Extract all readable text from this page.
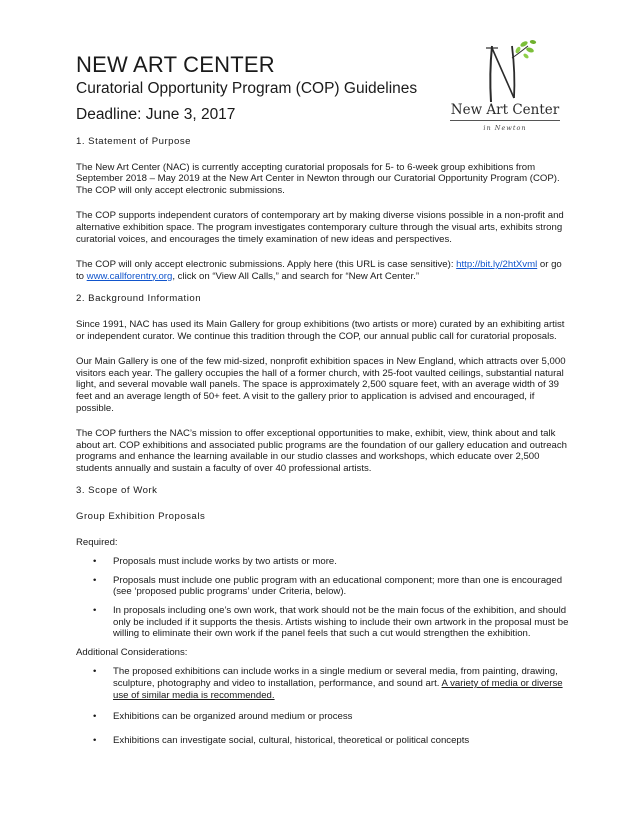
NEW ART CENTER
Curatorial Opportunity Program (COP) Guidelines
Deadline: June 3, 2017	New Art Center
in Newton
1. Statement of Purpose

The New Art Center (NAC) is currently accepting curatorial proposals for 5- to 6-week group exhibitions from September 2018 – May 2019 at the New Art Center in Newton through our Curatorial Opportunity Program (COP). The COP will only accept electronic submissions.

The COP supports independent curators of contemporary art by making diverse visions possible in a non-profit and alternative exhibition space. The program investigates contemporary culture through the visual arts, exhibits strong curatorial voices, and encourages the timely examination of new ideas and perspectives.

The COP will only accept electronic submissions. Apply here (this URL is case sensitive): http://bit.ly/2htXvml or go to www.callforentry.org, click on “View All Calls,” and search for “New Art Center.”

2. Background Information

Since 1991, NAC has used its Main Gallery for group exhibitions (two artists or more) curated by an exhibiting artist or independent curator. We continue this tradition through the COP, our annual public call for curatorial proposals.

Our Main Gallery is one of the few mid-sized, nonprofit exhibition spaces in New England, which attracts over 5,000 visitors each year. The gallery occupies the hall of a former church, with 25-foot vaulted ceilings, substantial natural light, and several movable wall panels. The space is approximately 2,500 square feet, with an average width of 39 feet and an average length of 50+ feet. A visit to the gallery prior to application is advised and encouraged, if possible.

The COP furthers the NAC’s mission to offer exceptional opportunities to make, exhibit, view, think about and talk about art. COP exhibitions and associated public programs are the foundation of our gallery education and outreach programs and enhance the learning available in our studio classes and workshops, which educate over 2,500 students annually and sustain a faculty of over 40 professional artists.

3. Scope of Work
Group Exhibition Proposals

Required:

• Proposals must include works by two artists or more.
• Proposals must include one public program with an educational component; more than one is encouraged (see ‘proposed public programs’ under Criteria, below).
• In proposals including one’s own work, that work should not be the main focus of the exhibition, and should only be included if it supports the thesis. Artists wishing to include their own artwork in the proposal must be willing to eliminate their own work if the panel feels that such a cut would strengthen the exhibition.

Additional Considerations:

• The proposed exhibitions can include works in a single medium or several media, from painting, drawing, sculpture, photography and video to installation, performance, and sound art. A variety of media or diverse use of similar media is recommended.
• Exhibitions can be organized around medium or process
• Exhibitions can investigate social, cultural, historical, theoretical or political concepts
